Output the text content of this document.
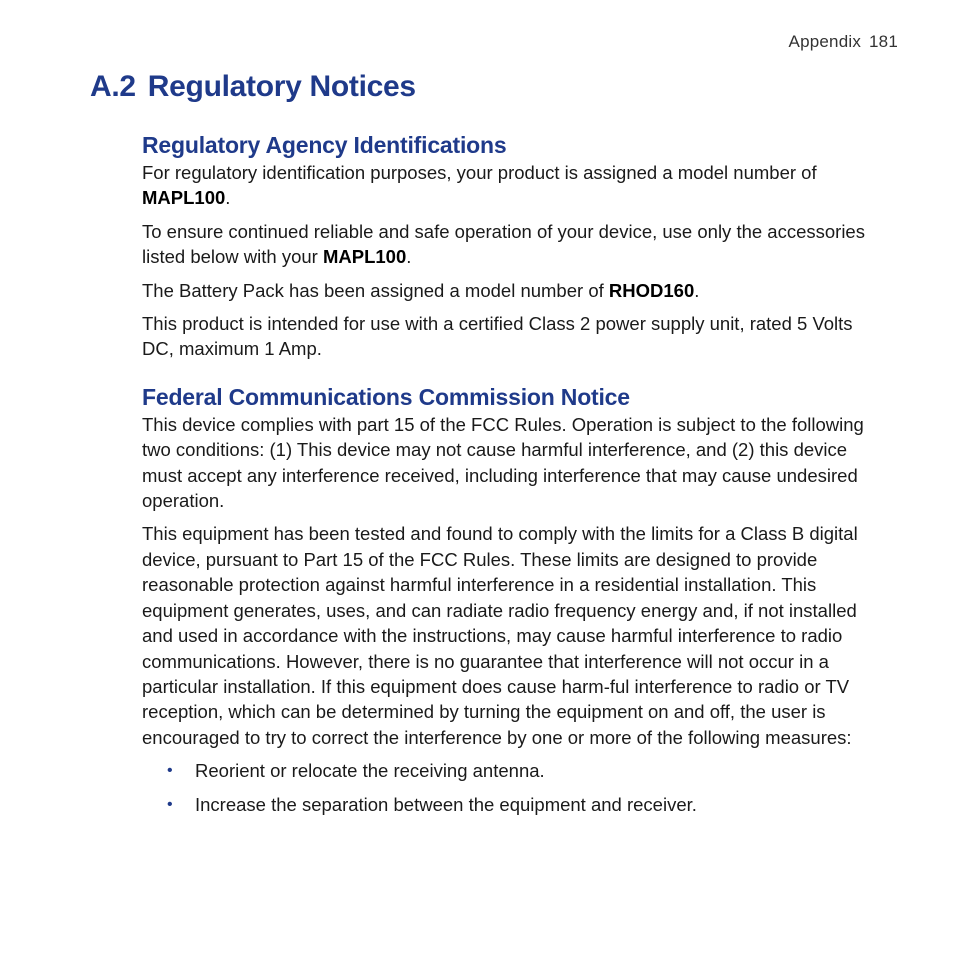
Appendix 181
A.2 Regulatory Notices
Regulatory Agency Identifications

For regulatory identification purposes, your product is assigned a model number of MAPL100.

To ensure continued reliable and safe operation of your device, use only the accessories listed below with your MAPL100.

The Battery Pack has been assigned a model number of RHOD160.

This product is intended for use with a certified Class 2 power supply unit, rated 5 Volts DC, maximum 1 Amp.

Federal Communications Commission Notice

This device complies with part 15 of the FCC Rules. Operation is subject to the following two conditions: (1) This device may not cause harmful interference, and (2) this device must accept any interference received, including interference that may cause undesired operation.

This equipment has been tested and found to comply with the limits for a Class B digital device, pursuant to Part 15 of the FCC Rules. These limits are designed to provide reasonable protection against harmful interference in a residential installation. This equipment generates, uses, and can radiate radio frequency energy and, if not installed and used in accordance with the instructions, may cause harmful interference to radio communications. However, there is no guarantee that interference will not occur in a particular installation. If this equipment does cause harm-ful interference to radio or TV reception, which can be determined by turning the equipment on and off, the user is encouraged to try to correct the interference by one or more of the following measures:

• Reorient or relocate the receiving antenna.
• Increase the separation between the equipment and receiver.
